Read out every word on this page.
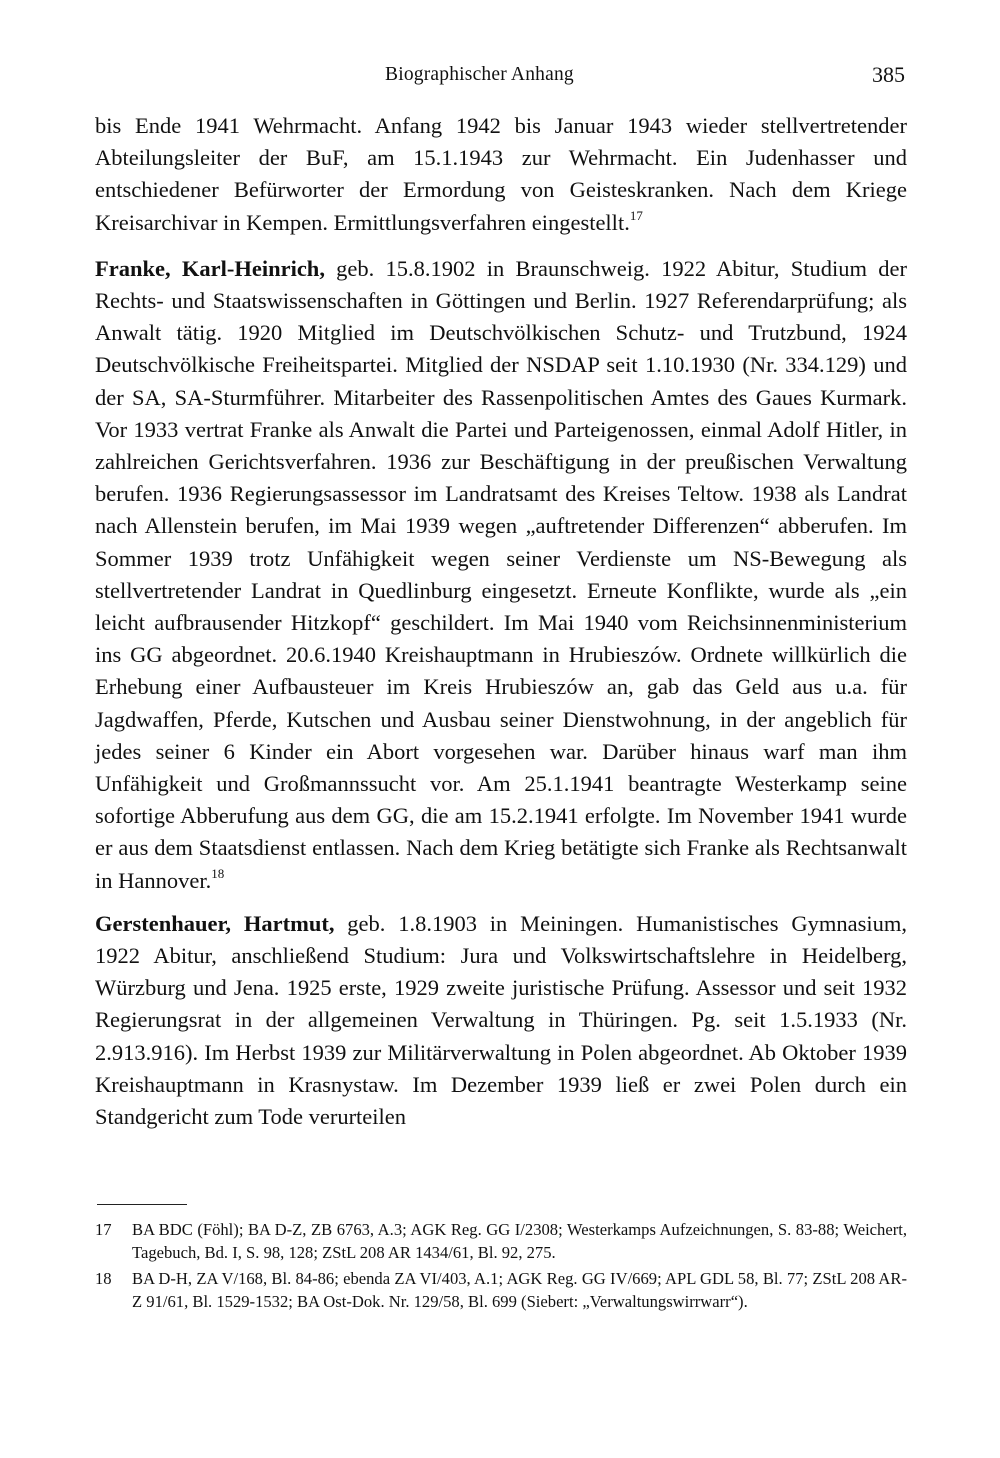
Biographischer Anhang	385

bis Ende 1941 Wehrmacht. Anfang 1942 bis Januar 1943 wieder stellvertretender Abteilungsleiter der BuF, am 15.1.1943 zur Wehrmacht. Ein Judenhasser und entschiedener Befürworter der Ermordung von Geisteskranken. Nach dem Kriege Kreisarchivar in Kempen. Ermittlungsverfahren eingestellt.$^{17}$

Franke, Karl-Heinrich, geb. 15.8.1902 in Braunschweig. 1922 Abitur, Studium der Rechts- und Staatswissenschaften in Göttingen und Berlin. 1927 Referendarprüfung; als Anwalt tätig. 1920 Mitglied im Deutschvölkischen Schutz- und Trutzbund, 1924 Deutschvölkische Freiheitspartei. Mitglied der NSDAP seit 1.10.1930 (Nr. 334.129) und der SA, SA-Sturmführer. Mitarbeiter des Rassenpolitischen Amtes des Gaues Kurmark. Vor 1933 vertrat Franke als Anwalt die Partei und Parteigenossen, einmal Adolf Hitler, in zahlreichen Gerichtsverfahren. 1936 zur Beschäftigung in der preußischen Verwaltung berufen. 1936 Regierungsassessor im Landratsamt des Kreises Teltow. 1938 als Landrat nach Allenstein berufen, im Mai 1939 wegen „auftretender Differenzen“ abberufen. Im Sommer 1939 trotz Unfähigkeit wegen seiner Verdienste um NS-Bewegung als stellvertretender Landrat in Quedlinburg eingesetzt. Erneute Konflikte, wurde als „ein leicht aufbrausender Hitzkopf“ geschildert. Im Mai 1940 vom Reichsinnenministerium ins GG abgeordnet. 20.6.1940 Kreishauptmann in Hrubieszów. Ordnete willkürlich die Erhebung einer Aufbausteuer im Kreis Hrubieszów an, gab das Geld aus u.a. für Jagdwaffen, Pferde, Kutschen und Ausbau seiner Dienstwohnung, in der angeblich für jedes seiner 6 Kinder ein Abort vorgesehen war. Darüber hinaus warf man ihm Unfähigkeit und Großmannssucht vor. Am 25.1.1941 beantragte Westerkamp seine sofortige Abberufung aus dem GG, die am 15.2.1941 erfolgte. Im November 1941 wurde er aus dem Staatsdienst entlassen. Nach dem Krieg betätigte sich Franke als Rechtsanwalt in Hannover.$^{18}$

Gerstenhauer, Hartmut, geb. 1.8.1903 in Meiningen. Humanistisches Gymnasium, 1922 Abitur, anschließend Studium: Jura und Volkswirtschaftslehre in Heidelberg, Würzburg und Jena. 1925 erste, 1929 zweite juristische Prüfung. Assessor und seit 1932 Regierungsrat in der allgemeinen Verwaltung in Thüringen. Pg. seit 1.5.1933 (Nr. 2.913.916). Im Herbst 1939 zur Militärverwaltung in Polen abgeordnet. Ab Oktober 1939 Kreishauptmann in Krasnystaw. Im Dezember 1939 ließ er zwei Polen durch ein Standgericht zum Tode verurteilen

17 BA BDC (Föhl); BA D-Z, ZB 6763, A.3; AGK Reg. GG I/2308; Westerkamps Aufzeichnungen, S. 83-88; Weichert, Tagebuch, Bd. I, S. 98, 128; ZStL 208 AR 1434/61, Bl. 92, 275.
18 BA D-H, ZA V/168, Bl. 84-86; ebenda ZA VI/403, A.1; AGK Reg. GG IV/669; APL GDL 58, Bl. 77; ZStL 208 AR-Z 91/61, Bl. 1529-1532; BA Ost-Dok. Nr. 129/58, Bl. 699 (Siebert: „Verwaltungswirrwarr“).
